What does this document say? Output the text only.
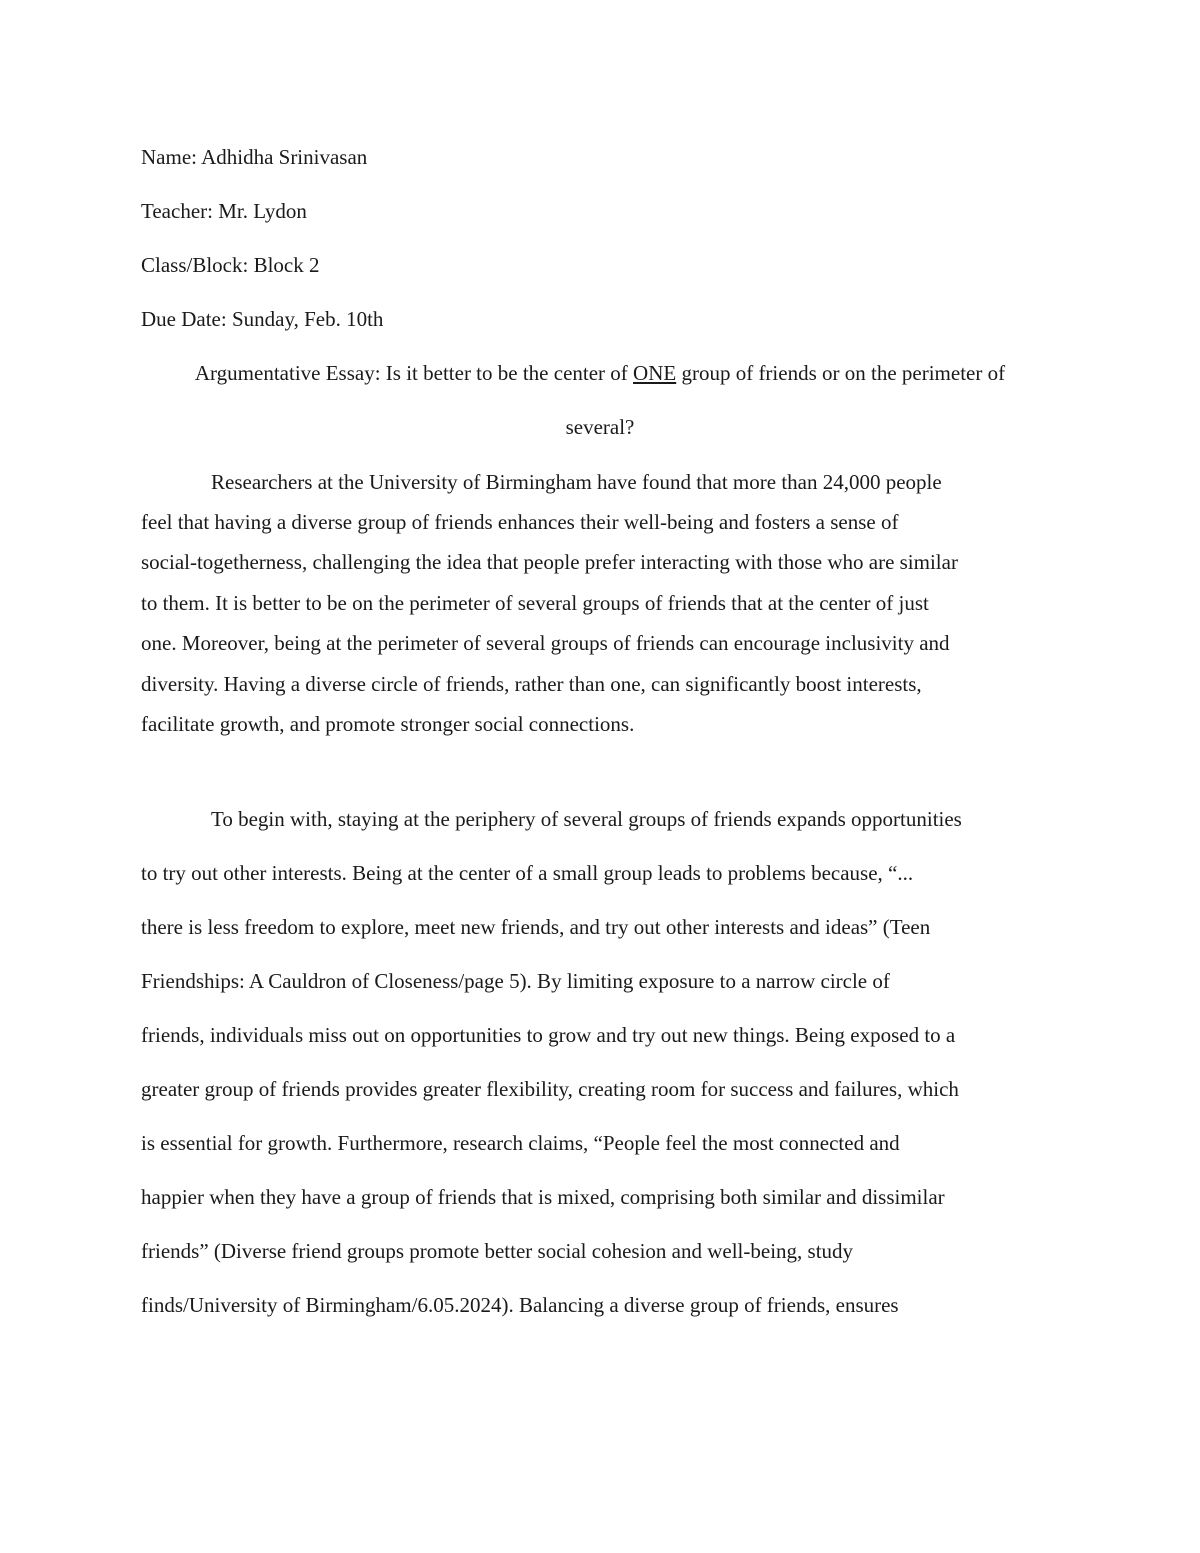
Name: Adhidha Srinivasan
Teacher: Mr. Lydon
Class/Block: Block 2
Due Date: Sunday, Feb. 10th
Argumentative Essay: Is it better to be the center of ONE group of friends or on the perimeter of
several?
Researchers at the University of Birmingham have found that more than 24,000 people
feel that having a diverse group of friends enhances their well-being and fosters a sense of
social-togetherness, challenging the idea that people prefer interacting with those who are similar
to them. It is better to be on the perimeter of several groups of friends that at the center of just
one. Moreover, being at the perimeter of several groups of friends can encourage inclusivity and
diversity. Having a diverse circle of friends, rather than one, can significantly boost interests,
facilitate growth, and promote stronger social connections.
To begin with, staying at the periphery of several groups of friends expands opportunities
to try out other interests. Being at the center of a small group leads to problems because, “...
there is less freedom to explore, meet new friends, and try out other interests and ideas” (Teen
Friendships: A Cauldron of Closeness/page 5). By limiting exposure to a narrow circle of
friends, individuals miss out on opportunities to grow and try out new things. Being exposed to a
greater group of friends provides greater flexibility, creating room for success and failures, which
is essential for growth. Furthermore, research claims, “People feel the most connected and
happier when they have a group of friends that is mixed, comprising both similar and dissimilar
friends” (Diverse friend groups promote better social cohesion and well-being, study
finds/University of Birmingham/6.05.2024). Balancing a diverse group of friends, ensures
